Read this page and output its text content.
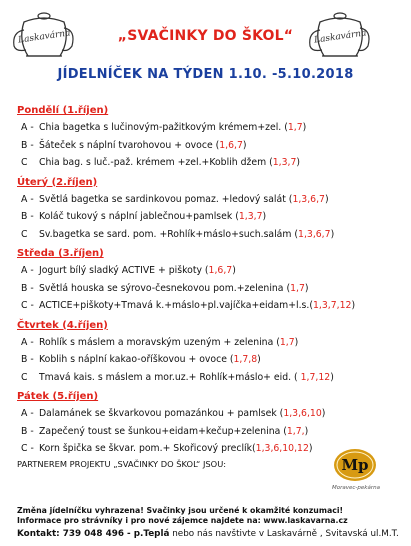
Laskavárna	„SVAČINKY DO ŠKOL“	Laskavárna
JÍDELNÍČEK NA TÝDEN 1.10. -5.10.2018
Pondělí (1.říjen)
A - Chia bagetka s lučinovým-pažitkovým krémem+zel. (1,7)
B - Šáteček s náplní tvarohovou + ovoce (1,6,7)
C Chia bag. s luč.-paž. krémem +zel.+Koblih džem (1,3,7)
Úterý (2.říjen)
A - Světlá bagetka se sardinkovou pomaz. +ledový salát (1,3,6,7)
B - Koláč tukový s náplní jablečnou+pamlsek (1,3,7)
C Sv.bagetka se sard. pom. +Rohlík+máslo+such.salám (1,3,6,7)
Středa (3.říjen)
A - Jogurt bílý sladký ACTIVE + piškoty (1,6,7)
B - Světlá houska se sýrovo-česnekovou pom.+zelenina (1,7)
C - ACTICE+piškoty+Tmavá k.+máslo+pl.vajíčka+eidam+l.s.(1,3,7,12)
Čtvrtek (4.říjen)
A - Rohlík s máslem a moravským uzeným + zelenina (1,7)
B - Koblih s náplní kakao-oříškovou + ovoce (1,7,8)
C Tmavá kais. s máslem a mor.uz.+ Rohlík+máslo+ eid. ( 1,7,12)
Pátek (5.říjen)
A - Dalamánek se škvarkovou pomazánkou + pamlsek (1,3,6,10)
B - Zapečený toust se šunkou+eidam+kečup+zelenina (1,7,)
C - Korn špička se škvar. pom.+ Skořicový preclík(1,3,6,10,12)
PARTNEREM PROJEKTU „SVAČINKY DO ŠKOL“ JSOU:	Mp
Moravec-pekárna
Změna jídelníčku vyhrazena! Svačinky jsou určené k okamžité konzumaci!
Informace pro strávníky i pro nové zájemce najdete na: www.laskavarna.cz
Kontakt: 739 048 496 - p.Teplá nebo nás navštivte v Laskavárně , Svitavská ul.M.T.
